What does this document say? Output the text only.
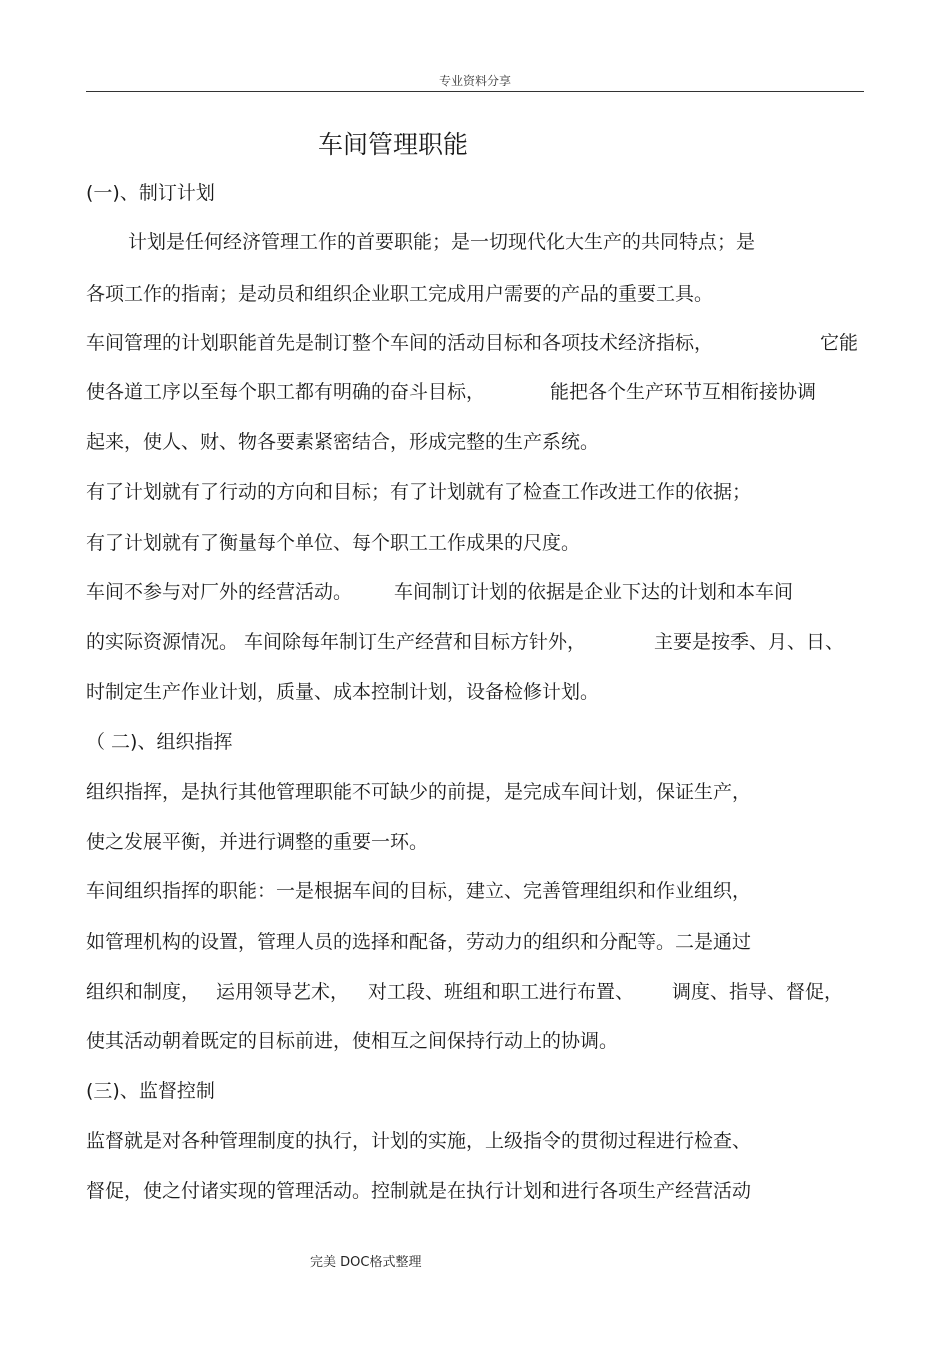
专业资料分享
车间管理职能
(一)、制订计划
计划是任何经济管理工作的首要职能；是一切现代化大生产的共同特点；是
各项工作的指南；是动员和组织企业职工完成用户需要的产品的重要工具。
车间管理的计划职能首先是制订整个车间的活动目标和各项技术经济指标，	它能
使各道工序以至每个职工都有明确的奋斗目标，	能把各个生产环节互相衔接协调
起来，使人、财、物各要素紧密结合，形成完整的生产系统。
有了计划就有了行动的方向和目标；有了计划就有了检查工作改进工作的依据；
有了计划就有了衡量每个单位、每个职工工作成果的尺度。
车间不参与对厂外的经营活动。 车间制订计划的依据是企业下达的计划和本车间
的实际资源情况。 车间除每年制订生产经营和目标方针外，	主要是按季、月、日、
时制定生产作业计划，质量、成本控制计划，设备检修计划。
（ 二)、组织指挥
组织指挥，是执行其他管理职能不可缺少的前提，是完成车间计划，保证生产，
使之发展平衡，并进行调整的重要一环。
车间组织指挥的职能：一是根据车间的目标，建立、完善管理组织和作业组织，
如管理机构的设置，管理人员的选择和配备，劳动力的组织和分配等。二是通过
组织和制度， 运用领导艺术， 对工段、班组和职工进行布置、 调度、指导、督促，
使其活动朝着既定的目标前进，使相互之间保持行动上的协调。
(三)、监督控制
监督就是对各种管理制度的执行，计划的实施，上级指令的贯彻过程进行检查、
督促，使之付诸实现的管理活动。控制就是在执行计划和进行各项生产经营活动
完美 DOC格式整理
